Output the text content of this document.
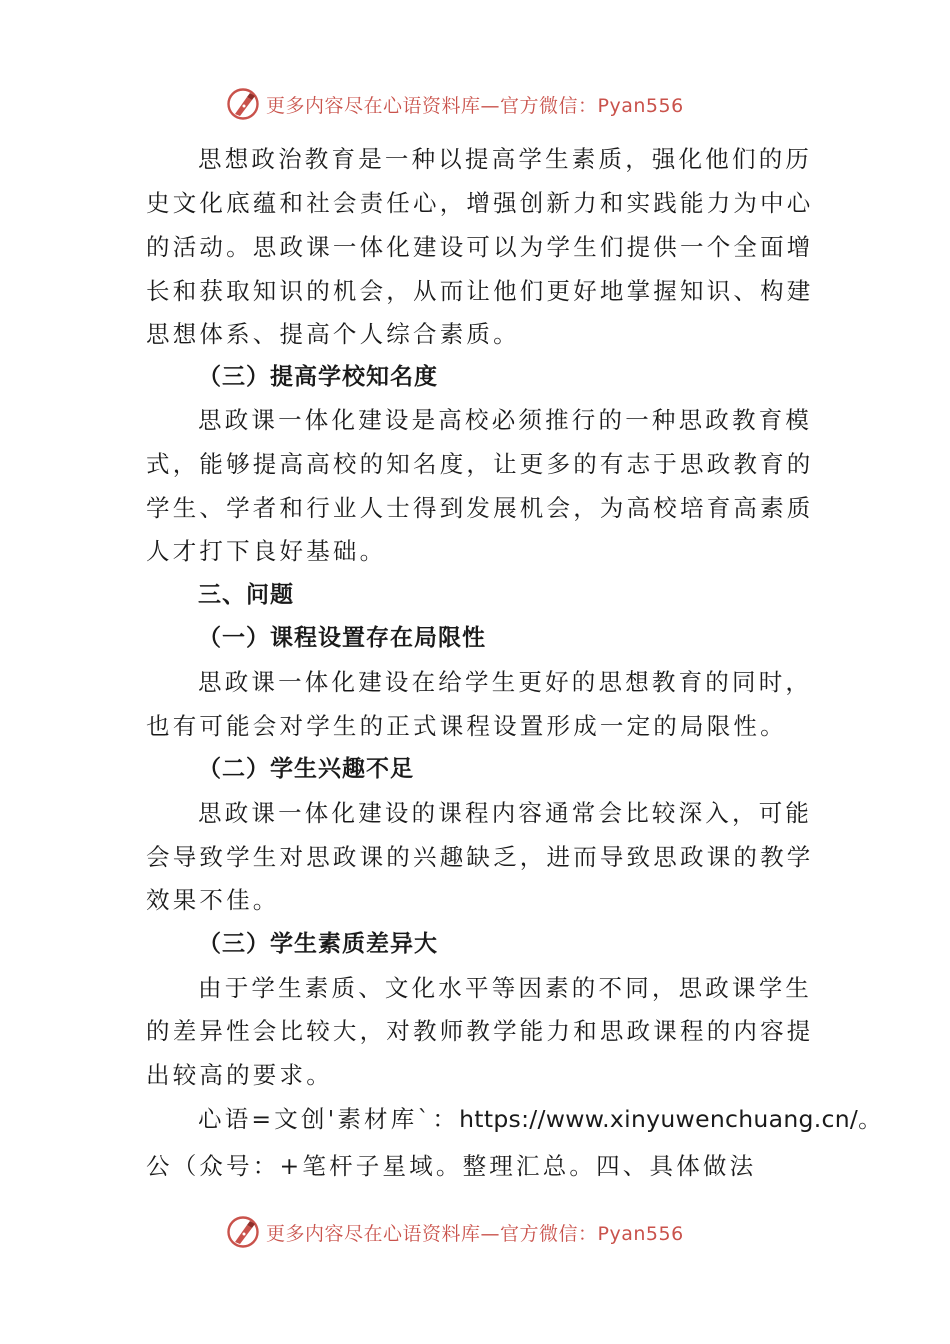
更多内容尽在心语资料库—官方微信：Pyan556
思想政治教育是一种以提高学生素质，强化他们的历
史文化底蕴和社会责任心，增强创新力和实践能力为中心
的活动。思政课一体化建设可以为学生们提供一个全面增
长和获取知识的机会，从而让他们更好地掌握知识、构建
思想体系、提高个人综合素质。
（三）提高学校知名度
思政课一体化建设是高校必须推行的一种思政教育模
式，能够提高高校的知名度，让更多的有志于思政教育的
学生、学者和行业人士得到发展机会，为高校培育高素质
人才打下良好基础。
三、问题
（一）课程设置存在局限性
思政课一体化建设在给学生更好的思想教育的同时，
也有可能会对学生的正式课程设置形成一定的局限性。
（二）学生兴趣不足
思政课一体化建设的课程内容通常会比较深入，可能
会导致学生对思政课的兴趣缺乏，进而导致思政课的教学
效果不佳。
（三）学生素质差异大
由于学生素质、文化水平等因素的不同，思政课学生
的差异性会比较大，对教师教学能力和思政课程的内容提
出较高的要求。
心语=文创'素材库`：https://www.xinyuwenchuang.cn/。
公（众号：+笔杆子星域。整理汇总。四、具体做法
更多内容尽在心语资料库—官方微信：Pyan556
